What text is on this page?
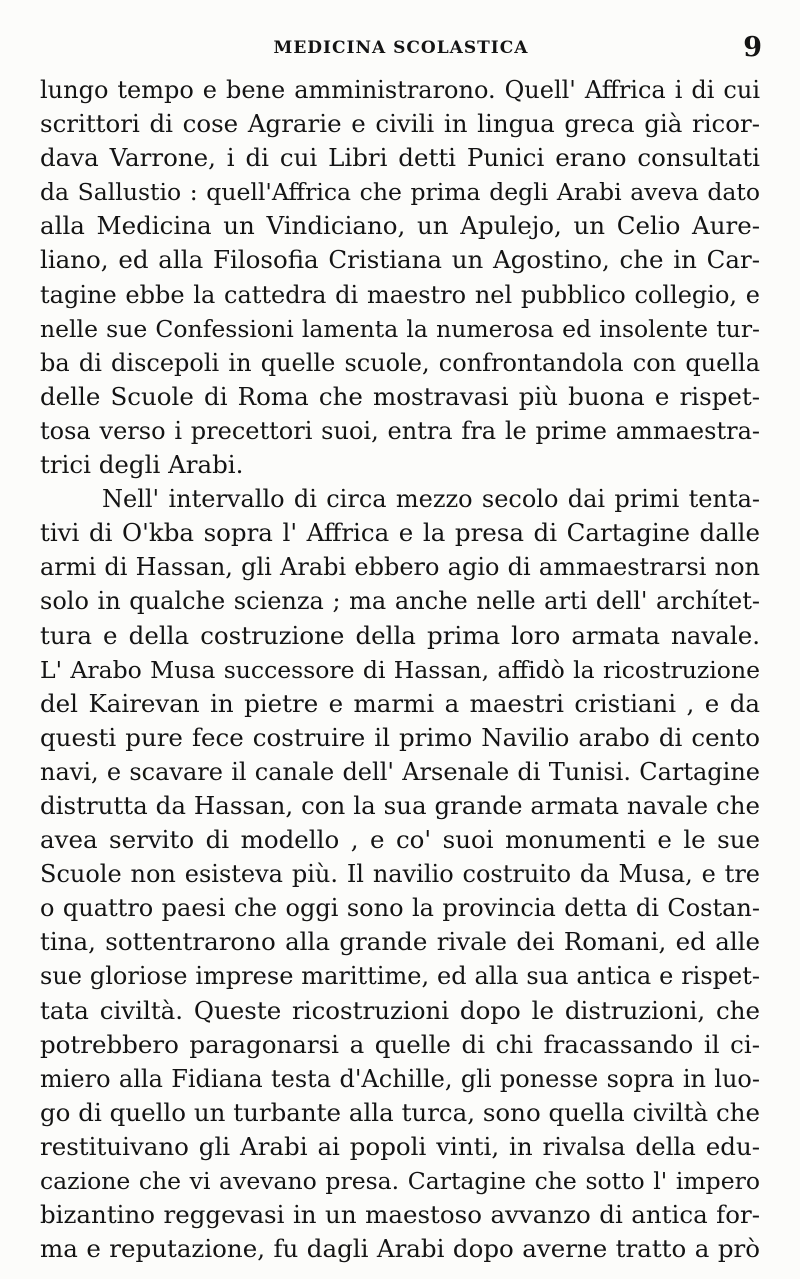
MEDICINA SCOLASTICA	9
lungo tempo e bene amministrarono. Quell' Affrica i di cui
scrittori di cose Agrarie e civili in lingua greca già ricor-
dava Varrone, i di cui Libri detti Punici erano consultati
da Sallustio : quell'Affrica che prima degli Arabi aveva dato
alla Medicina un Vindiciano, un Apulejo, un Celio Aure-
liano, ed alla Filosofia Cristiana un Agostino, che in Car-
tagine ebbe la cattedra di maestro nel pubblico collegio, e
nelle sue Confessioni lamenta la numerosa ed insolente tur-
ba di discepoli in quelle scuole, confrontandola con quella
delle Scuole di Roma che mostravasi più buona e rispet-
tosa verso i precettori suoi, entra fra le prime ammaestra-
trici degli Arabi.
Nell' intervallo di circa mezzo secolo dai primi tenta-
tivi di O'kba sopra l' Affrica e la presa di Cartagine dalle
armi di Hassan, gli Arabi ebbero agio di ammaestrarsi non
solo in qualche scienza ; ma anche nelle arti dell' archítet-
tura e della costruzione della prima loro armata navale.
L' Arabo Musa successore di Hassan, affidò la ricostruzione
del Kairevan in pietre e marmi a maestri cristiani , e da
questi pure fece costruire il primo Navilio arabo di cento
navi, e scavare il canale dell' Arsenale di Tunisi. Cartagine
distrutta da Hassan, con la sua grande armata navale che
avea servito di modello , e co' suoi monumenti e le sue
Scuole non esisteva più. Il navilio costruito da Musa, e tre
o quattro paesi che oggi sono la provincia detta di Costan-
tina, sottentrarono alla grande rivale dei Romani, ed alle
sue gloriose imprese marittime, ed alla sua antica e rispet-
tata civiltà. Queste ricostruzioni dopo le distruzioni, che
potrebbero paragonarsi a quelle di chi fracassando il ci-
miero alla Fidiana testa d'Achille, gli ponesse sopra in luo-
go di quello un turbante alla turca, sono quella civiltà che
restituivano gli Arabi ai popoli vinti, in rivalsa della edu-
cazione che vi avevano presa. Cartagine che sotto l' impero
bizantino reggevasi in un maestoso avvanzo di antica for-
ma e reputazione, fu dagli Arabi dopo averne tratto a prò
